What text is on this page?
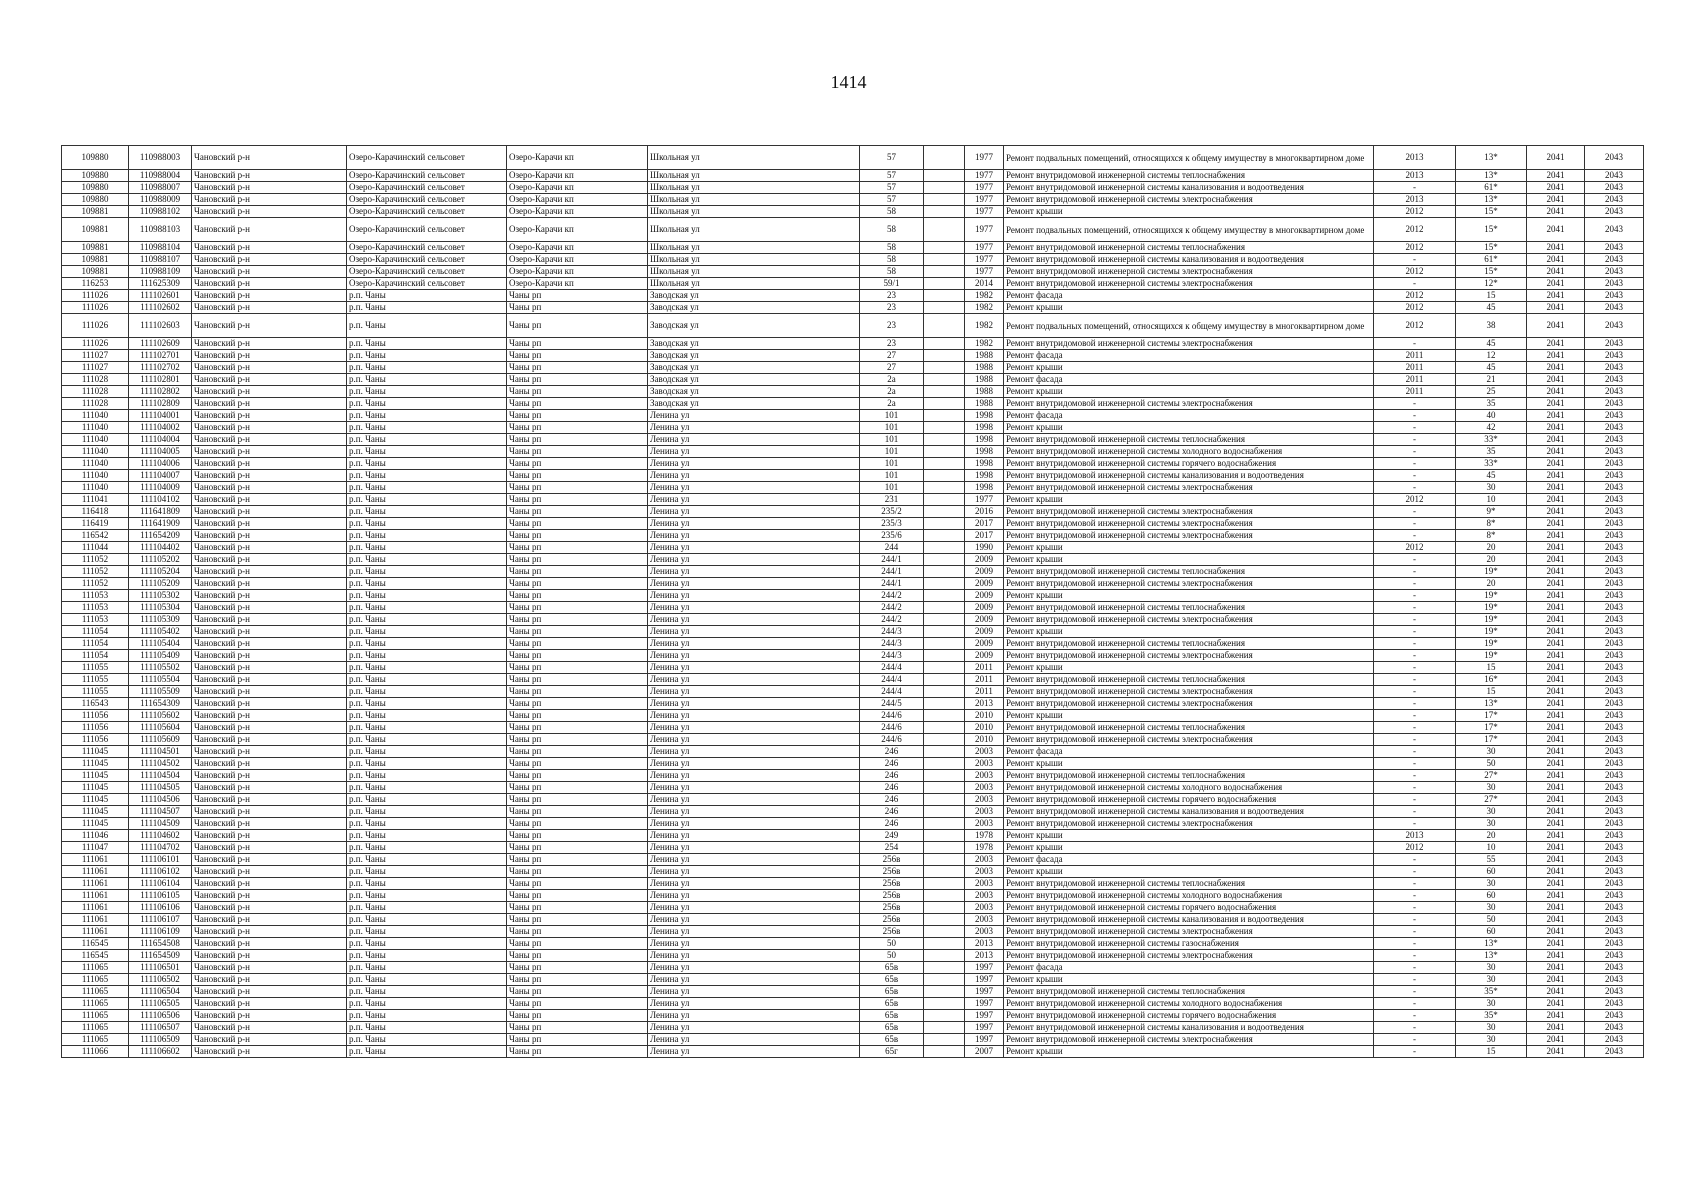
1414
109880	110988003	Чановский р-н	Озеро-Карачинский сельсовет	Озеро-Карачи кп	Школьная ул	57		1977	Ремонт подвальных помещений, относящихся к общему имуществу в многоквартирном доме	2013	13*	2041	2043
109880	110988004	Чановский р-н	Озеро-Карачинский сельсовет	Озеро-Карачи кп	Школьная ул	57		1977	Ремонт внутридомовой инженерной системы теплоснабжения	2013	13*	2041	2043
109880	110988007	Чановский р-н	Озеро-Карачинский сельсовет	Озеро-Карачи кп	Школьная ул	57		1977	Ремонт внутридомовой инженерной системы канализования и водоотведения	-	61*	2041	2043
109880	110988009	Чановский р-н	Озеро-Карачинский сельсовет	Озеро-Карачи кп	Школьная ул	57		1977	Ремонт внутридомовой инженерной системы электроснабжения	2013	13*	2041	2043
109881	110988102	Чановский р-н	Озеро-Карачинский сельсовет	Озеро-Карачи кп	Школьная ул	58		1977	Ремонт крыши	2012	15*	2041	2043
109881	110988103	Чановский р-н	Озеро-Карачинский сельсовет	Озеро-Карачи кп	Школьная ул	58		1977	Ремонт подвальных помещений, относящихся к общему имуществу в многоквартирном доме	2012	15*	2041	2043
109881	110988104	Чановский р-н	Озеро-Карачинский сельсовет	Озеро-Карачи кп	Школьная ул	58		1977	Ремонт внутридомовой инженерной системы теплоснабжения	2012	15*	2041	2043
109881	110988107	Чановский р-н	Озеро-Карачинский сельсовет	Озеро-Карачи кп	Школьная ул	58		1977	Ремонт внутридомовой инженерной системы канализования и водоотведения	-	61*	2041	2043
109881	110988109	Чановский р-н	Озеро-Карачинский сельсовет	Озеро-Карачи кп	Школьная ул	58		1977	Ремонт внутридомовой инженерной системы электроснабжения	2012	15*	2041	2043
116253	111625309	Чановский р-н	Озеро-Карачинский сельсовет	Озеро-Карачи кп	Школьная ул	59/1		2014	Ремонт внутридомовой инженерной системы электроснабжения	-	12*	2041	2043
111026	111102601	Чановский р-н	р.п. Чаны	Чаны рп	Заводская ул	23		1982	Ремонт фасада	2012	15	2041	2043
111026	111102602	Чановский р-н	р.п. Чаны	Чаны рп	Заводская ул	23		1982	Ремонт крыши	2012	45	2041	2043
111026	111102603	Чановский р-н	р.п. Чаны	Чаны рп	Заводская ул	23		1982	Ремонт подвальных помещений, относящихся к общему имуществу в многоквартирном доме	2012	38	2041	2043
111026	111102609	Чановский р-н	р.п. Чаны	Чаны рп	Заводская ул	23		1982	Ремонт внутридомовой инженерной системы электроснабжения	-	45	2041	2043
111027	111102701	Чановский р-н	р.п. Чаны	Чаны рп	Заводская ул	27		1988	Ремонт фасада	2011	12	2041	2043
111027	111102702	Чановский р-н	р.п. Чаны	Чаны рп	Заводская ул	27		1988	Ремонт крыши	2011	45	2041	2043
111028	111102801	Чановский р-н	р.п. Чаны	Чаны рп	Заводская ул	2а		1988	Ремонт фасада	2011	21	2041	2043
111028	111102802	Чановский р-н	р.п. Чаны	Чаны рп	Заводская ул	2а		1988	Ремонт крыши	2011	25	2041	2043
111028	111102809	Чановский р-н	р.п. Чаны	Чаны рп	Заводская ул	2а		1988	Ремонт внутридомовой инженерной системы электроснабжения	-	35	2041	2043
111040	111104001	Чановский р-н	р.п. Чаны	Чаны рп	Ленина ул	101		1998	Ремонт фасада	-	40	2041	2043
111040	111104002	Чановский р-н	р.п. Чаны	Чаны рп	Ленина ул	101		1998	Ремонт крыши	-	42	2041	2043
111040	111104004	Чановский р-н	р.п. Чаны	Чаны рп	Ленина ул	101		1998	Ремонт внутридомовой инженерной системы теплоснабжения	-	33*	2041	2043
111040	111104005	Чановский р-н	р.п. Чаны	Чаны рп	Ленина ул	101		1998	Ремонт внутридомовой инженерной системы холодного водоснабжения	-	35	2041	2043
111040	111104006	Чановский р-н	р.п. Чаны	Чаны рп	Ленина ул	101		1998	Ремонт внутридомовой инженерной системы горячего водоснабжения	-	33*	2041	2043
111040	111104007	Чановский р-н	р.п. Чаны	Чаны рп	Ленина ул	101		1998	Ремонт внутридомовой инженерной системы канализования и водоотведения	-	45	2041	2043
111040	111104009	Чановский р-н	р.п. Чаны	Чаны рп	Ленина ул	101		1998	Ремонт внутридомовой инженерной системы электроснабжения	-	30	2041	2043
111041	111104102	Чановский р-н	р.п. Чаны	Чаны рп	Ленина ул	231		1977	Ремонт крыши	2012	10	2041	2043
116418	111641809	Чановский р-н	р.п. Чаны	Чаны рп	Ленина ул	235/2		2016	Ремонт внутридомовой инженерной системы электроснабжения	-	9*	2041	2043
116419	111641909	Чановский р-н	р.п. Чаны	Чаны рп	Ленина ул	235/3		2017	Ремонт внутридомовой инженерной системы электроснабжения	-	8*	2041	2043
116542	111654209	Чановский р-н	р.п. Чаны	Чаны рп	Ленина ул	235/6		2017	Ремонт внутридомовой инженерной системы электроснабжения	-	8*	2041	2043
111044	111104402	Чановский р-н	р.п. Чаны	Чаны рп	Ленина ул	244		1990	Ремонт крыши	2012	20	2041	2043
111052	111105202	Чановский р-н	р.п. Чаны	Чаны рп	Ленина ул	244/1		2009	Ремонт крыши	-	20	2041	2043
111052	111105204	Чановский р-н	р.п. Чаны	Чаны рп	Ленина ул	244/1		2009	Ремонт внутридомовой инженерной системы теплоснабжения	-	19*	2041	2043
111052	111105209	Чановский р-н	р.п. Чаны	Чаны рп	Ленина ул	244/1		2009	Ремонт внутридомовой инженерной системы электроснабжения	-	20	2041	2043
111053	111105302	Чановский р-н	р.п. Чаны	Чаны рп	Ленина ул	244/2		2009	Ремонт крыши	-	19*	2041	2043
111053	111105304	Чановский р-н	р.п. Чаны	Чаны рп	Ленина ул	244/2		2009	Ремонт внутридомовой инженерной системы теплоснабжения	-	19*	2041	2043
111053	111105309	Чановский р-н	р.п. Чаны	Чаны рп	Ленина ул	244/2		2009	Ремонт внутридомовой инженерной системы электроснабжения	-	19*	2041	2043
111054	111105402	Чановский р-н	р.п. Чаны	Чаны рп	Ленина ул	244/3		2009	Ремонт крыши	-	19*	2041	2043
111054	111105404	Чановский р-н	р.п. Чаны	Чаны рп	Ленина ул	244/3		2009	Ремонт внутридомовой инженерной системы теплоснабжения	-	19*	2041	2043
111054	111105409	Чановский р-н	р.п. Чаны	Чаны рп	Ленина ул	244/3		2009	Ремонт внутридомовой инженерной системы электроснабжения	-	19*	2041	2043
111055	111105502	Чановский р-н	р.п. Чаны	Чаны рп	Ленина ул	244/4		2011	Ремонт крыши	-	15	2041	2043
111055	111105504	Чановский р-н	р.п. Чаны	Чаны рп	Ленина ул	244/4		2011	Ремонт внутридомовой инженерной системы теплоснабжения	-	16*	2041	2043
111055	111105509	Чановский р-н	р.п. Чаны	Чаны рп	Ленина ул	244/4		2011	Ремонт внутридомовой инженерной системы электроснабжения	-	15	2041	2043
116543	111654309	Чановский р-н	р.п. Чаны	Чаны рп	Ленина ул	244/5		2013	Ремонт внутридомовой инженерной системы электроснабжения	-	13*	2041	2043
111056	111105602	Чановский р-н	р.п. Чаны	Чаны рп	Ленина ул	244/6		2010	Ремонт крыши	-	17*	2041	2043
111056	111105604	Чановский р-н	р.п. Чаны	Чаны рп	Ленина ул	244/6		2010	Ремонт внутридомовой инженерной системы теплоснабжения	-	17*	2041	2043
111056	111105609	Чановский р-н	р.п. Чаны	Чаны рп	Ленина ул	244/6		2010	Ремонт внутридомовой инженерной системы электроснабжения	-	17*	2041	2043
111045	111104501	Чановский р-н	р.п. Чаны	Чаны рп	Ленина ул	246		2003	Ремонт фасада	-	30	2041	2043
111045	111104502	Чановский р-н	р.п. Чаны	Чаны рп	Ленина ул	246		2003	Ремонт крыши	-	50	2041	2043
111045	111104504	Чановский р-н	р.п. Чаны	Чаны рп	Ленина ул	246		2003	Ремонт внутридомовой инженерной системы теплоснабжения	-	27*	2041	2043
111045	111104505	Чановский р-н	р.п. Чаны	Чаны рп	Ленина ул	246		2003	Ремонт внутридомовой инженерной системы холодного водоснабжения	-	30	2041	2043
111045	111104506	Чановский р-н	р.п. Чаны	Чаны рп	Ленина ул	246		2003	Ремонт внутридомовой инженерной системы горячего водоснабжения	-	27*	2041	2043
111045	111104507	Чановский р-н	р.п. Чаны	Чаны рп	Ленина ул	246		2003	Ремонт внутридомовой инженерной системы канализования и водоотведения	-	30	2041	2043
111045	111104509	Чановский р-н	р.п. Чаны	Чаны рп	Ленина ул	246		2003	Ремонт внутридомовой инженерной системы электроснабжения	-	30	2041	2043
111046	111104602	Чановский р-н	р.п. Чаны	Чаны рп	Ленина ул	249		1978	Ремонт крыши	2013	20	2041	2043
111047	111104702	Чановский р-н	р.п. Чаны	Чаны рп	Ленина ул	254		1978	Ремонт крыши	2012	10	2041	2043
111061	111106101	Чановский р-н	р.п. Чаны	Чаны рп	Ленина ул	256в		2003	Ремонт фасада	-	55	2041	2043
111061	111106102	Чановский р-н	р.п. Чаны	Чаны рп	Ленина ул	256в		2003	Ремонт крыши	-	60	2041	2043
111061	111106104	Чановский р-н	р.п. Чаны	Чаны рп	Ленина ул	256в		2003	Ремонт внутридомовой инженерной системы теплоснабжения	-	30	2041	2043
111061	111106105	Чановский р-н	р.п. Чаны	Чаны рп	Ленина ул	256в		2003	Ремонт внутридомовой инженерной системы холодного водоснабжения	-	60	2041	2043
111061	111106106	Чановский р-н	р.п. Чаны	Чаны рп	Ленина ул	256в		2003	Ремонт внутридомовой инженерной системы горячего водоснабжения	-	30	2041	2043
111061	111106107	Чановский р-н	р.п. Чаны	Чаны рп	Ленина ул	256в		2003	Ремонт внутридомовой инженерной системы канализования и водоотведения	-	50	2041	2043
111061	111106109	Чановский р-н	р.п. Чаны	Чаны рп	Ленина ул	256в		2003	Ремонт внутридомовой инженерной системы электроснабжения	-	60	2041	2043
116545	111654508	Чановский р-н	р.п. Чаны	Чаны рп	Ленина ул	50		2013	Ремонт внутридомовой инженерной системы газоснабжения	-	13*	2041	2043
116545	111654509	Чановский р-н	р.п. Чаны	Чаны рп	Ленина ул	50		2013	Ремонт внутридомовой инженерной системы электроснабжения	-	13*	2041	2043
111065	111106501	Чановский р-н	р.п. Чаны	Чаны рп	Ленина ул	65в		1997	Ремонт фасада	-	30	2041	2043
111065	111106502	Чановский р-н	р.п. Чаны	Чаны рп	Ленина ул	65в		1997	Ремонт крыши	-	30	2041	2043
111065	111106504	Чановский р-н	р.п. Чаны	Чаны рп	Ленина ул	65в		1997	Ремонт внутридомовой инженерной системы теплоснабжения	-	35*	2041	2043
111065	111106505	Чановский р-н	р.п. Чаны	Чаны рп	Ленина ул	65в		1997	Ремонт внутридомовой инженерной системы холодного водоснабжения	-	30	2041	2043
111065	111106506	Чановский р-н	р.п. Чаны	Чаны рп	Ленина ул	65в		1997	Ремонт внутридомовой инженерной системы горячего водоснабжения	-	35*	2041	2043
111065	111106507	Чановский р-н	р.п. Чаны	Чаны рп	Ленина ул	65в		1997	Ремонт внутридомовой инженерной системы канализования и водоотведения	-	30	2041	2043
111065	111106509	Чановский р-н	р.п. Чаны	Чаны рп	Ленина ул	65в		1997	Ремонт внутридомовой инженерной системы электроснабжения	-	30	2041	2043
111066	111106602	Чановский р-н	р.п. Чаны	Чаны рп	Ленина ул	65г		2007	Ремонт крыши	-	15	2041	2043
